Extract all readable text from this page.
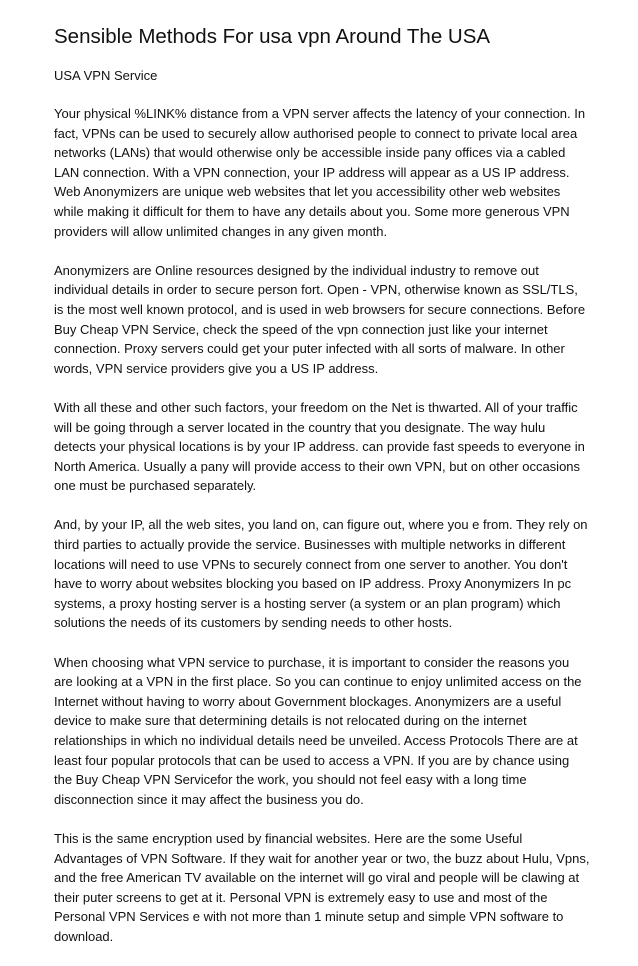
Sensible Methods For usa vpn Around The USA
USA VPN Service

Your physical %LINK% distance from a VPN server affects the latency of your connection. In fact, VPNs can be used to securely allow authorised people to connect to private local area networks (LANs) that would otherwise only be accessible inside pany offices via a cabled LAN connection. With a VPN connection, your IP address will appear as a US IP address. Web Anonymizers are unique web websites that let you accessibility other web websites while making it difficult for them to have any details about you. Some more generous VPN providers will allow unlimited changes in any given month.

Anonymizers are Online resources designed by the individual industry to remove out individual details in order to secure person fort. Open - VPN, otherwise known as SSL/TLS, is the most well known protocol, and is used in web browsers for secure connections. Before Buy Cheap VPN Service, check the speed of the vpn connection just like your internet connection. Proxy servers could get your puter infected with all sorts of malware. In other words, VPN service providers give you a US IP address.

With all these and other such factors, your freedom on the Net is thwarted. All of your traffic will be going through a server located in the country that you designate. The way hulu detects your physical locations is by your IP address. can provide fast speeds to everyone in North America. Usually a pany will provide access to their own VPN, but on other occasions one must be purchased separately.

And, by your IP, all the web sites, you land on, can figure out, where you e from. They rely on third parties to actually provide the service. Businesses with multiple networks in different locations will need to use VPNs to securely connect from one server to another. You don't have to worry about websites blocking you based on IP address. Proxy Anonymizers In pc systems, a proxy hosting server is a hosting server (a system or an plan program) which solutions the needs of its customers by sending needs to other hosts.

When choosing what VPN service to purchase, it is important to consider the reasons you are looking at a VPN in the first place. So you can continue to enjoy unlimited access on the Internet without having to worry about Government blockages. Anonymizers are a useful device to make sure that determining details is not relocated during on the internet relationships in which no individual details need be unveiled. Access Protocols There are at least four popular protocols that can be used to access a VPN. If you are by chance using the Buy Cheap VPN Servicefor the work, you should not feel easy with a long time disconnection since it may affect the business you do.

This is the same encryption used by financial websites. Here are the some Useful Advantages of VPN Software. If they wait for another year or two, the buzz about Hulu, Vpns, and the free American TV available on the internet will go viral and people will be clawing at their puter screens to get at it. Personal VPN is extremely easy to use and most of the Personal VPN Services e with not more than 1 minute setup and simple VPN software to download.
